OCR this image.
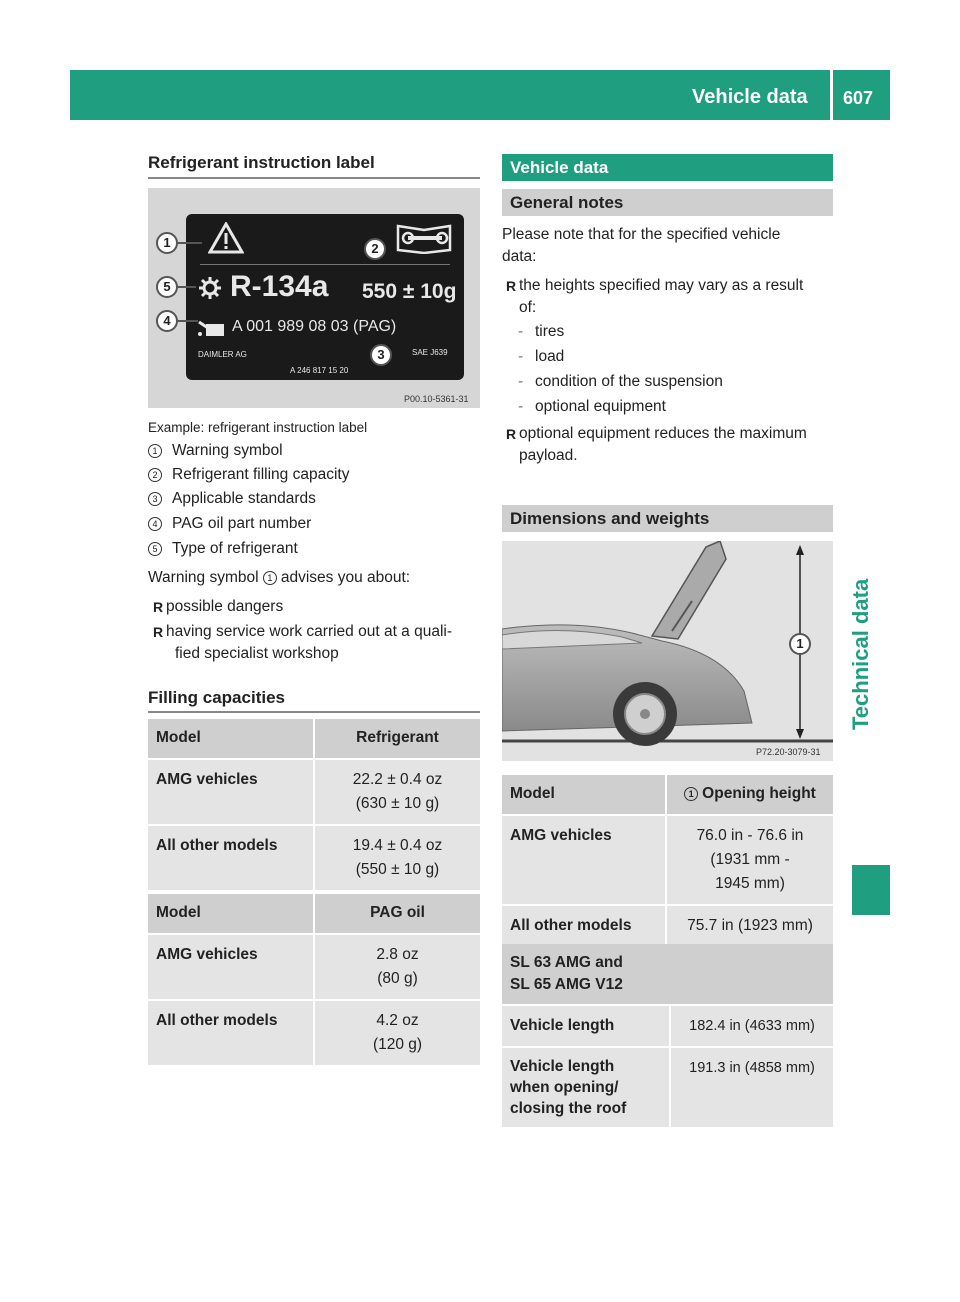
Vehicle data 607
Technical data
Refrigerant instruction label
R-134a 550 ± 10g
A 001 989 08 03 (PAG)
DAIMLER AG
A 246 817 15 20
SAE J639
1	2
3
4
5
P00.10-5361-31
Example: refrigerant instruction label
1 Warning symbol
2 Refrigerant filling capacity
3 Applicable standards
4 PAG oil part number
5 Type of refrigerant
Warning symbol 1 advises you about:
R possible dangers
R having service work carried out at a quali-
fied specialist workshop
Filling capacities
Model	Refrigerant
AMG vehicles	22.2 ± 0.4 oz
(630 ± 10 g)

All other models	19.4 ± 0.4 oz
(550 ± 10 g)
Model	PAG oil
AMG vehicles	2.8 oz
(80 g)

All other models	4.2 oz
(120 g)
Vehicle data
General notes
Please note that for the specified vehicle
data:
R the heights specified may vary as a result
of:
- tires
- load
- condition of the suspension
- optional equipment
R optional equipment reduces the maximum
payload.
Dimensions and weights
1
P72.20-3079-31
Model	1 Opening height
AMG vehicles	76.0 in - 76.6 in
(1931 mm -
1945 mm)

All other models	75.7 in (1923 mm)
SL 63 AMG and
SL 65 AMG V12	

Vehicle length	182.4 in (4633 mm)

Vehicle length
when opening/
closing the roof	191.3 in (4858 mm)
